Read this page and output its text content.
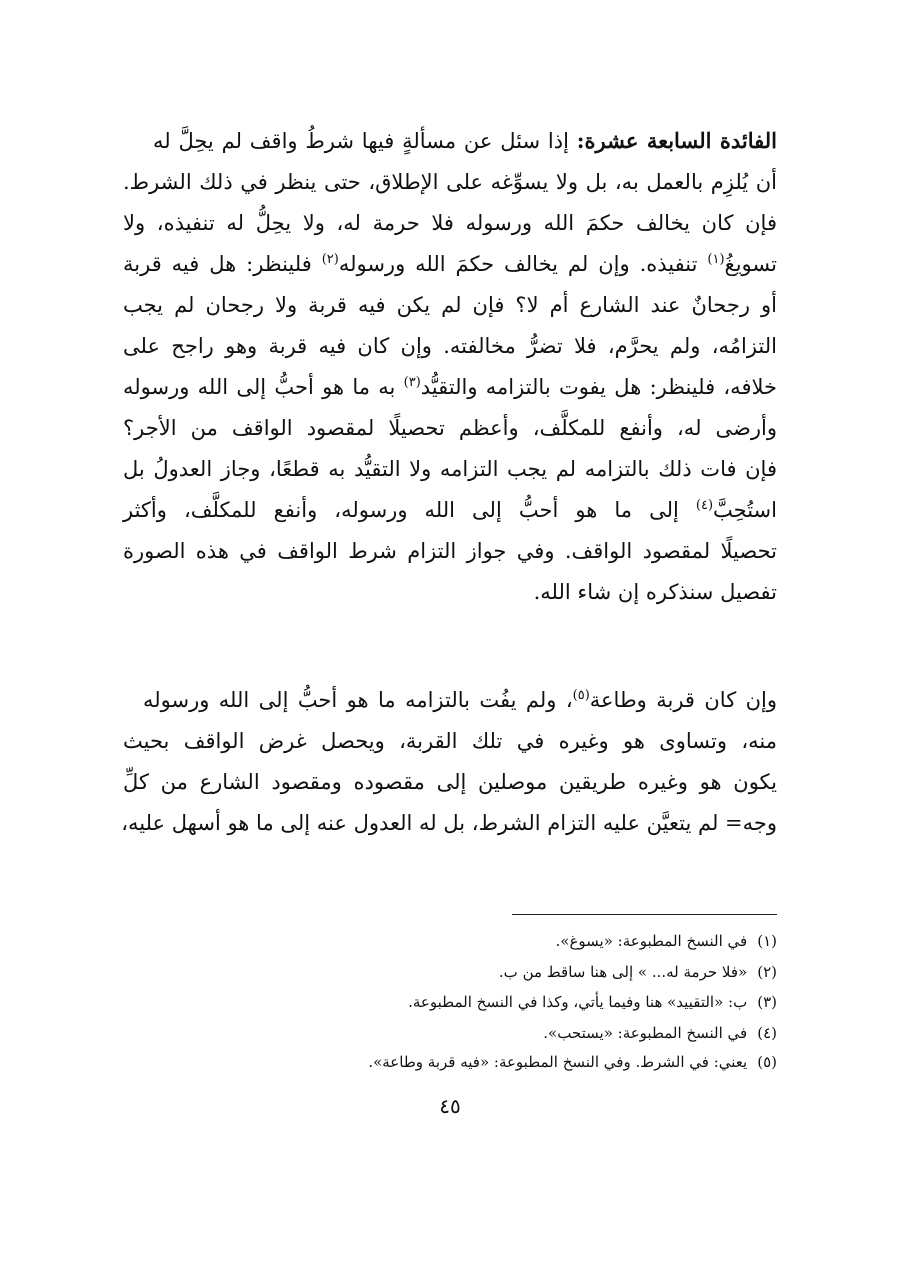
الفائدة السابعة عشرة: إذا سئل عن مسألةٍ فيها شرطُ واقف لم يحِلَّ له
أن يُلزِم بالعمل به، بل ولا يسوِّغه على الإطلاق، حتى ينظر في ذلك الشرط.
فإن كان يخالف حكمَ الله ورسوله فلا حرمة له، ولا يحِلُّ له تنفيذه، ولا
تسويغُ$^{(١)}$ تنفيذه. وإن لم يخالف حكمَ الله ورسوله$^{(٢)}$ فلينظر: هل فيه قربة
أو رجحانٌ عند الشارع أم لا؟ فإن لم يكن فيه قربة ولا رجحان لم يجب
التزامُه، ولم يحرَّم، فلا تضرُّ مخالفته. وإن كان فيه قربة وهو راجح على
خلافه، فلينظر: هل يفوت بالتزامه والتقيُّد$^{(٣)}$ به ما هو أحبُّ إلى الله ورسوله
وأرضى له، وأنفع للمكلَّف، وأعظم تحصيلًا لمقصود الواقف من الأجر؟
فإن فات ذلك بالتزامه لم يجب التزامه ولا التقيُّد به قطعًا، وجاز العدولُ بل
استُحِبَّ$^{(٤)}$ إلى ما هو أحبُّ إلى الله ورسوله، وأنفع للمكلَّف، وأكثر
تحصيلًا لمقصود الواقف. وفي جواز التزام شرط الواقف في هذه الصورة
تفصيل سنذكره إن شاء الله.
وإن كان قربة وطاعة$^{(٥)}$، ولم يفُت بالتزامه ما هو أحبُّ إلى الله ورسوله
منه، وتساوى هو وغيره في تلك القربة، ويحصل غرض الواقف بحيث
يكون هو وغيره طريقين موصلين إلى مقصوده ومقصود الشارع من كلِّ
وجه= لم يتعيَّن عليه التزام الشرط، بل له العدول عنه إلى ما هو أسهل عليه،
(١)في النسخ المطبوعة: «يسوغ».
(٢)«فلا حرمة له... » إلى هنا ساقط من ب.
(٣)ب: «التقييد» هنا وفيما يأتي، وكذا في النسخ المطبوعة.
(٤)في النسخ المطبوعة: «يستحب».
(٥)يعني: في الشرط. وفي النسخ المطبوعة: «فيه قربة وطاعة».
٤٥
